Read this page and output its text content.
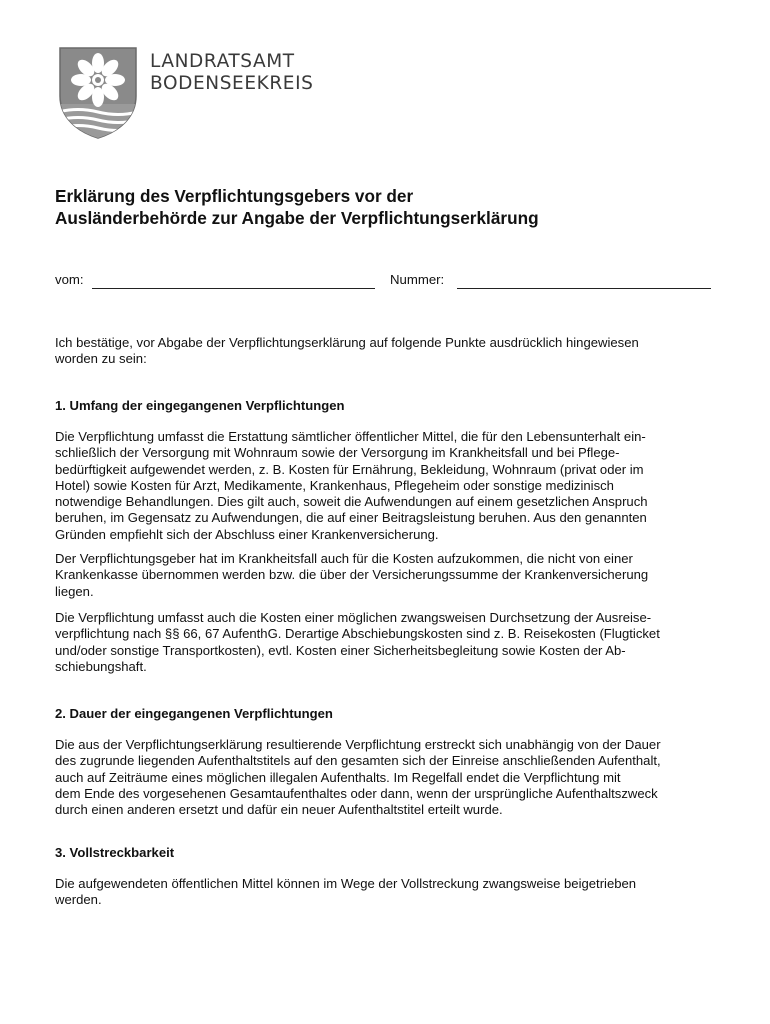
LANDRATSAMT
BODENSEEKREIS
Erklärung des Verpflichtungsgebers vor der
Ausländerbehörde zur Angabe der Verpflichtungserklärung
vom:	Nummer:
Ich bestätige, vor Abgabe der Verpflichtungserklärung auf folgende Punkte ausdrücklich hingewiesen
worden zu sein:
1. Umfang der eingegangenen Verpflichtungen
Die Verpflichtung umfasst die Erstattung sämtlicher öffentlicher Mittel, die für den Lebensunterhalt ein-
schließlich der Versorgung mit Wohnraum sowie der Versorgung im Krankheitsfall und bei Pflege-
bedürftigkeit aufgewendet werden, z. B. Kosten für Ernährung, Bekleidung, Wohnraum (privat oder im
Hotel) sowie Kosten für Arzt, Medikamente, Krankenhaus, Pflegeheim oder sonstige medizinisch
notwendige Behandlungen. Dies gilt auch, soweit die Aufwendungen auf einem gesetzlichen Anspruch
beruhen, im Gegensatz zu Aufwendungen, die auf einer Beitragsleistung beruhen. Aus den genannten
Gründen empfiehlt sich der Abschluss einer Krankenversicherung.
Der Verpflichtungsgeber hat im Krankheitsfall auch für die Kosten aufzukommen, die nicht von einer
Krankenkasse übernommen werden bzw. die über der Versicherungssumme der Krankenversicherung
liegen.
Die Verpflichtung umfasst auch die Kosten einer möglichen zwangsweisen Durchsetzung der Ausreise-
verpflichtung nach §§ 66, 67 AufenthG. Derartige Abschiebungskosten sind z. B. Reisekosten (Flugticket
und/oder sonstige Transportkosten), evtl. Kosten einer Sicherheitsbegleitung sowie Kosten der Ab-
schiebungshaft.
2. Dauer der eingegangenen Verpflichtungen
Die aus der Verpflichtungserklärung resultierende Verpflichtung erstreckt sich unabhängig von der Dauer
des zugrunde liegenden Aufenthaltstitels auf den gesamten sich der Einreise anschließenden Aufenthalt,
auch auf Zeiträume eines möglichen illegalen Aufenthalts. Im Regelfall endet die Verpflichtung mit
dem Ende des vorgesehenen Gesamtaufenthaltes oder dann, wenn der ursprüngliche Aufenthaltszweck
durch einen anderen ersetzt und dafür ein neuer Aufenthaltstitel erteilt wurde.
3. Vollstreckbarkeit
Die aufgewendeten öffentlichen Mittel können im Wege der Vollstreckung zwangsweise beigetrieben
werden.
